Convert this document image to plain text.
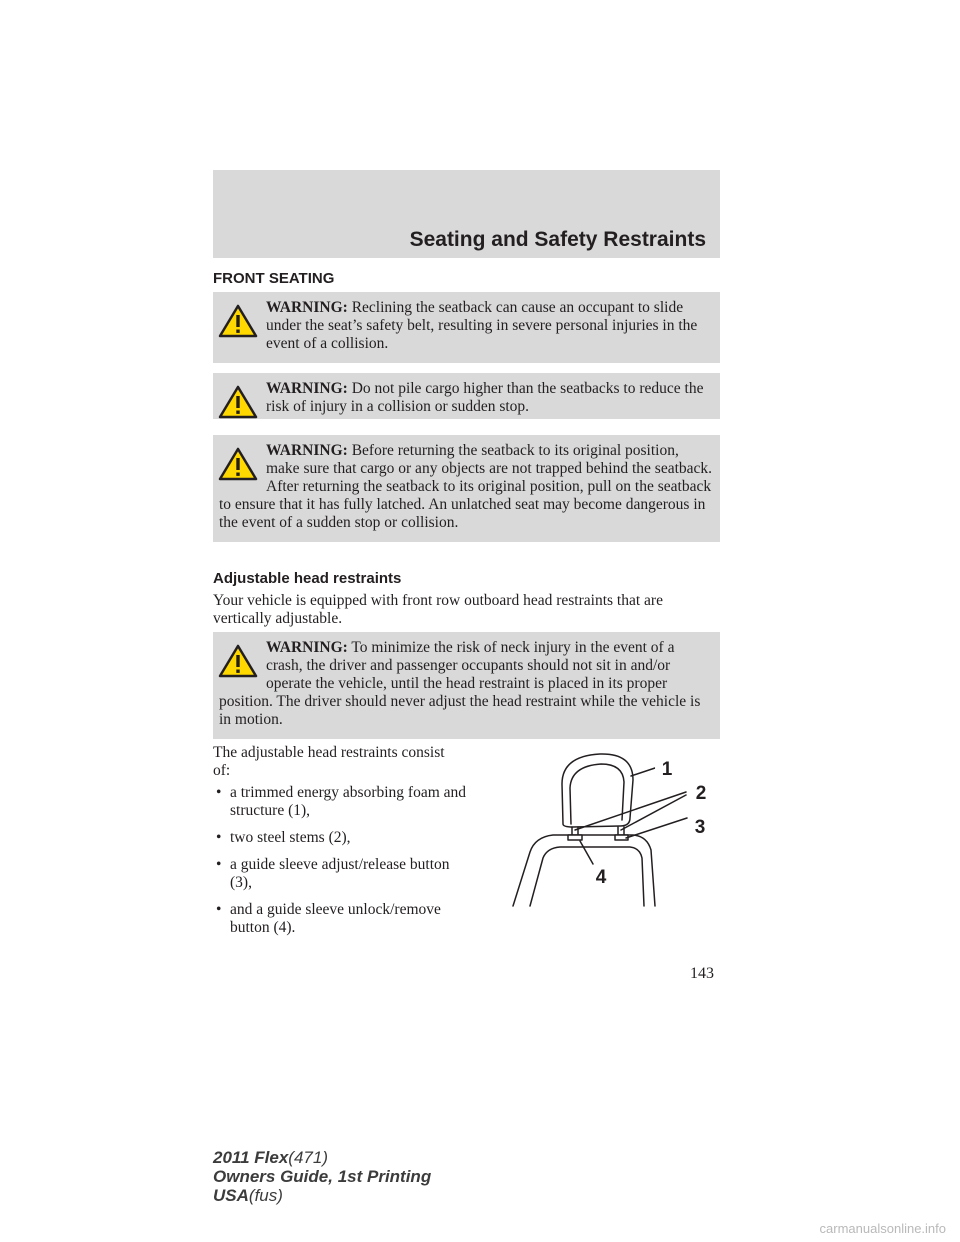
Seating and Safety Restraints
FRONT SEATING
WARNING: Reclining the seatback can cause an occupant to slide under the seat’s safety belt, resulting in severe personal injuries in the event of a collision.
WARNING: Do not pile cargo higher than the seatbacks to reduce the risk of injury in a collision or sudden stop.
WARNING: Before returning the seatback to its original position, make sure that cargo or any objects are not trapped behind the seatback. After returning the seatback to its original position, pull on the seatback to ensure that it has fully latched. An unlatched seat may become dangerous in the event of a sudden stop or collision.
Adjustable head restraints
Your vehicle is equipped with front row outboard head restraints that are vertically adjustable.
WARNING: To minimize the risk of neck injury in the event of a crash, the driver and passenger occupants should not sit in and/or operate the vehicle, until the head restraint is placed in its proper position. The driver should never adjust the head restraint while the vehicle is in motion.
The adjustable head restraints consist of:
• a trimmed energy absorbing foam and structure (1),
• two steel stems (2),
• a guide sleeve adjust/release button (3),
• and a guide sleeve unlock/remove button (4).
1
2
3
4
143
2011 Flex(471)
Owners Guide, 1st Printing
USA(fus)
carmanualsonline.info
